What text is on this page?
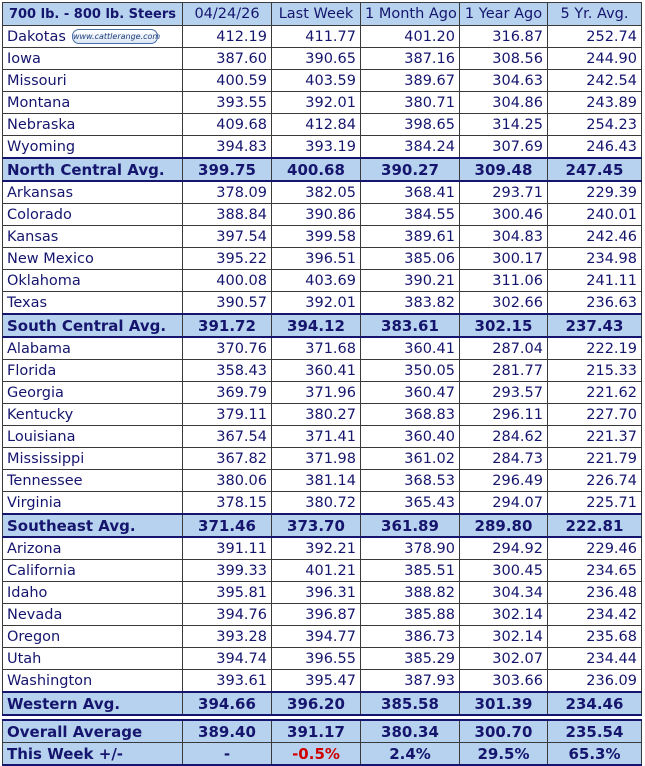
700 lb. - 800 lb. Steers	04/24/26	Last Week	1 Month Ago	1 Year Ago	5 Yr. Avg.
Dakotas www.cattlerange.com	412.19	411.77	401.20	316.87	252.74
Iowa	387.60	390.65	387.16	308.56	244.90
Missouri	400.59	403.59	389.67	304.63	242.54
Montana	393.55	392.01	380.71	304.86	243.89
Nebraska	409.68	412.84	398.65	314.25	254.23
Wyoming	394.83	393.19	384.24	307.69	246.43
North Central Avg.	399.75	400.68	390.27	309.48	247.45
Arkansas	378.09	382.05	368.41	293.71	229.39
Colorado	388.84	390.86	384.55	300.46	240.01
Kansas	397.54	399.58	389.61	304.83	242.46
New Mexico	395.22	396.51	385.06	300.17	234.98
Oklahoma	400.08	403.69	390.21	311.06	241.11
Texas	390.57	392.01	383.82	302.66	236.63
South Central Avg.	391.72	394.12	383.61	302.15	237.43
Alabama	370.76	371.68	360.41	287.04	222.19
Florida	358.43	360.41	350.05	281.77	215.33
Georgia	369.79	371.96	360.47	293.57	221.62
Kentucky	379.11	380.27	368.83	296.11	227.70
Louisiana	367.54	371.41	360.40	284.62	221.37
Mississippi	367.82	371.98	361.02	284.73	221.79
Tennessee	380.06	381.14	368.53	296.49	226.74
Virginia	378.15	380.72	365.43	294.07	225.71
Southeast Avg.	371.46	373.70	361.89	289.80	222.81
Arizona	391.11	392.21	378.90	294.92	229.46
California	399.33	401.21	385.51	300.45	234.65
Idaho	395.81	396.31	388.82	304.34	236.48
Nevada	394.76	396.87	385.88	302.14	234.42
Oregon	393.28	394.77	386.73	302.14	235.68
Utah	394.74	396.55	385.29	302.07	234.44
Washington	393.61	395.47	387.93	303.66	236.09
Western Avg.	394.66	396.20	385.58	301.39	234.46

Overall Average	389.40	391.17	380.34	300.70	235.54
This Week +/-	-	-0.5%	2.4%	29.5%	65.3%
